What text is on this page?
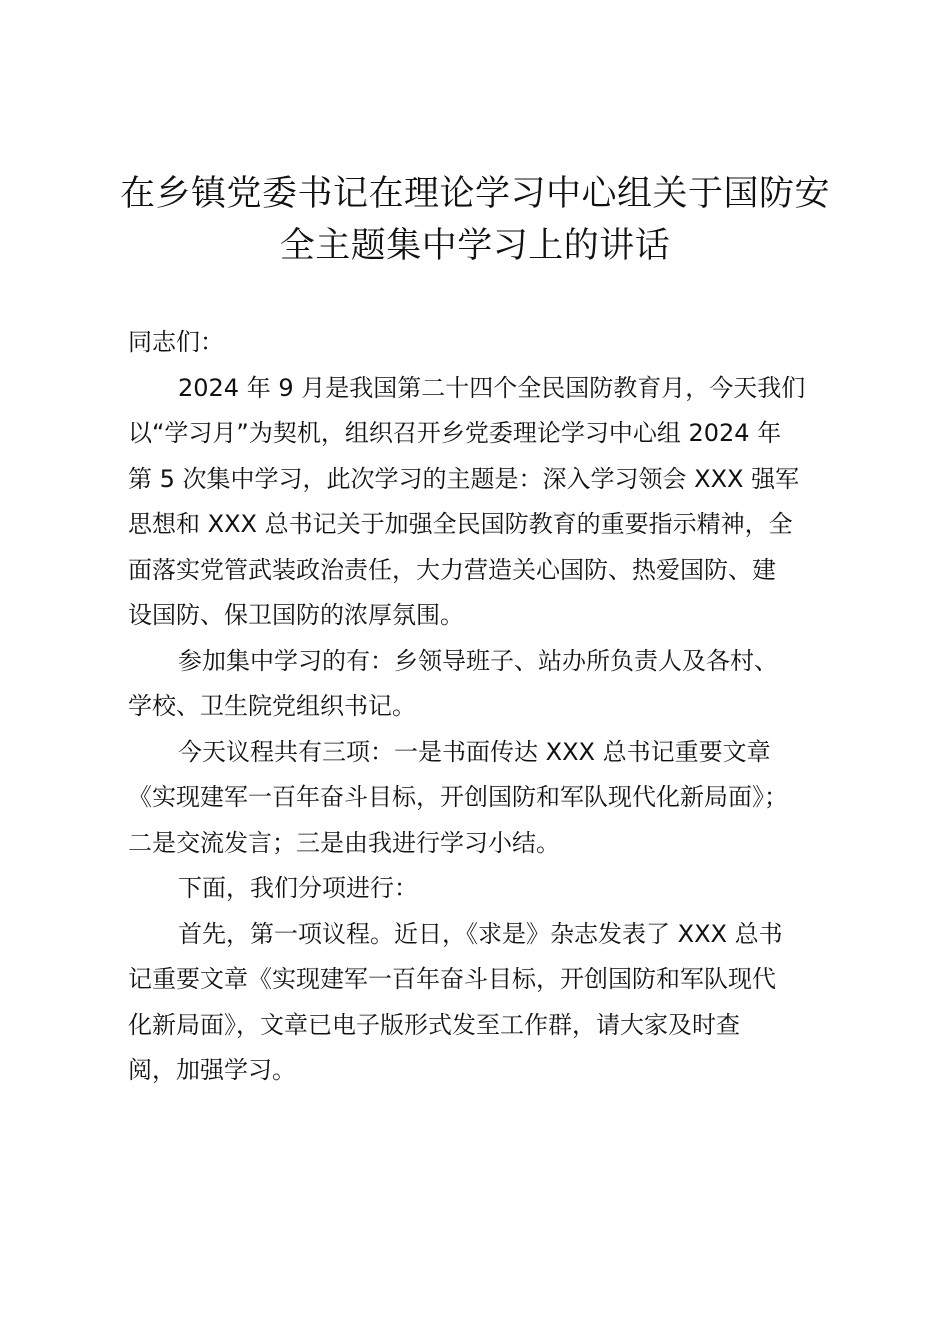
在乡镇党委书记在理论学习中心组关于国防安
全主题集中学习上的讲话
同志们：
2024 年 9 月是我国第二十四个全民国防教育月，今天我们
以“学习月”为契机，组织召开乡党委理论学习中心组 2024 年
第 5 次集中学习，此次学习的主题是：深入学习领会 XXX 强军
思想和 XXX 总书记关于加强全民国防教育的重要指示精神，全
面落实党管武装政治责任，大力营造关心国防、热爱国防、建
设国防、保卫国防的浓厚氛围。
参加集中学习的有：乡领导班子、站办所负责人及各村、
学校、卫生院党组织书记。
今天议程共有三项：一是书面传达 XXX 总书记重要文章
《实现建军一百年奋斗目标，开创国防和军队现代化新局面》；
二是交流发言；三是由我进行学习小结。
下面，我们分项进行：
首先，第一项议程。近日，《求是》杂志发表了 XXX 总书
记重要文章《实现建军一百年奋斗目标，开创国防和军队现代
化新局面》，文章已电子版形式发至工作群，请大家及时查
阅，加强学习。
